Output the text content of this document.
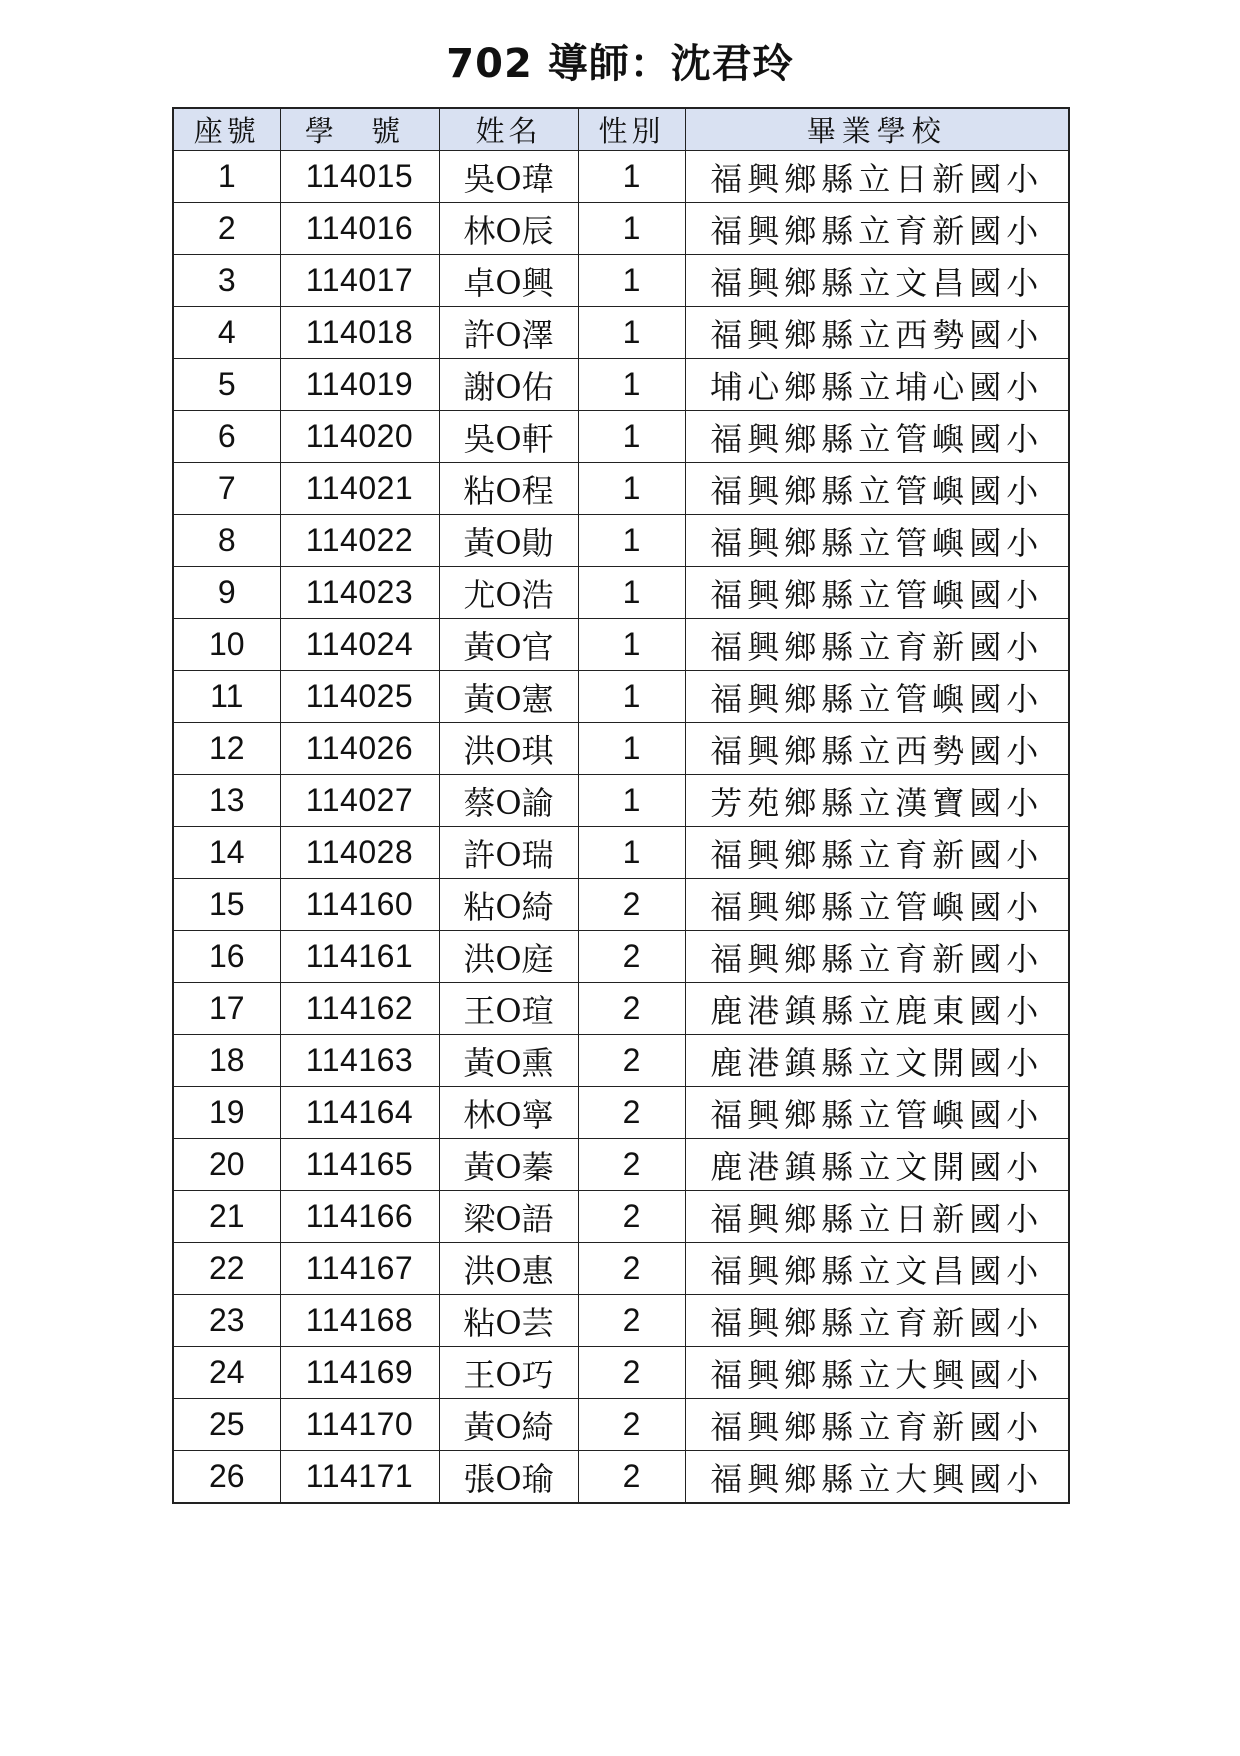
702 導師：沈君玲
座號	學 號	姓名	性別	畢業學校
1	114015	吳O瑋	1	福興鄉縣立日新國小
2	114016	林O辰	1	福興鄉縣立育新國小
3	114017	卓O興	1	福興鄉縣立文昌國小
4	114018	許O澤	1	福興鄉縣立西勢國小
5	114019	謝O佑	1	埔心鄉縣立埔心國小
6	114020	吳O軒	1	福興鄉縣立管嶼國小
7	114021	粘O程	1	福興鄉縣立管嶼國小
8	114022	黃O勛	1	福興鄉縣立管嶼國小
9	114023	尤O浩	1	福興鄉縣立管嶼國小
10	114024	黃O官	1	福興鄉縣立育新國小
11	114025	黃O憲	1	福興鄉縣立管嶼國小
12	114026	洪O琪	1	福興鄉縣立西勢國小
13	114027	蔡O諭	1	芳苑鄉縣立漢寶國小
14	114028	許O瑞	1	福興鄉縣立育新國小
15	114160	粘O綺	2	福興鄉縣立管嶼國小
16	114161	洪O庭	2	福興鄉縣立育新國小
17	114162	王O瑄	2	鹿港鎮縣立鹿東國小
18	114163	黃O熏	2	鹿港鎮縣立文開國小
19	114164	林O寧	2	福興鄉縣立管嶼國小
20	114165	黃O蓁	2	鹿港鎮縣立文開國小
21	114166	梁O語	2	福興鄉縣立日新國小
22	114167	洪O惠	2	福興鄉縣立文昌國小
23	114168	粘O芸	2	福興鄉縣立育新國小
24	114169	王O巧	2	福興鄉縣立大興國小
25	114170	黃O綺	2	福興鄉縣立育新國小
26	114171	張O瑜	2	福興鄉縣立大興國小
